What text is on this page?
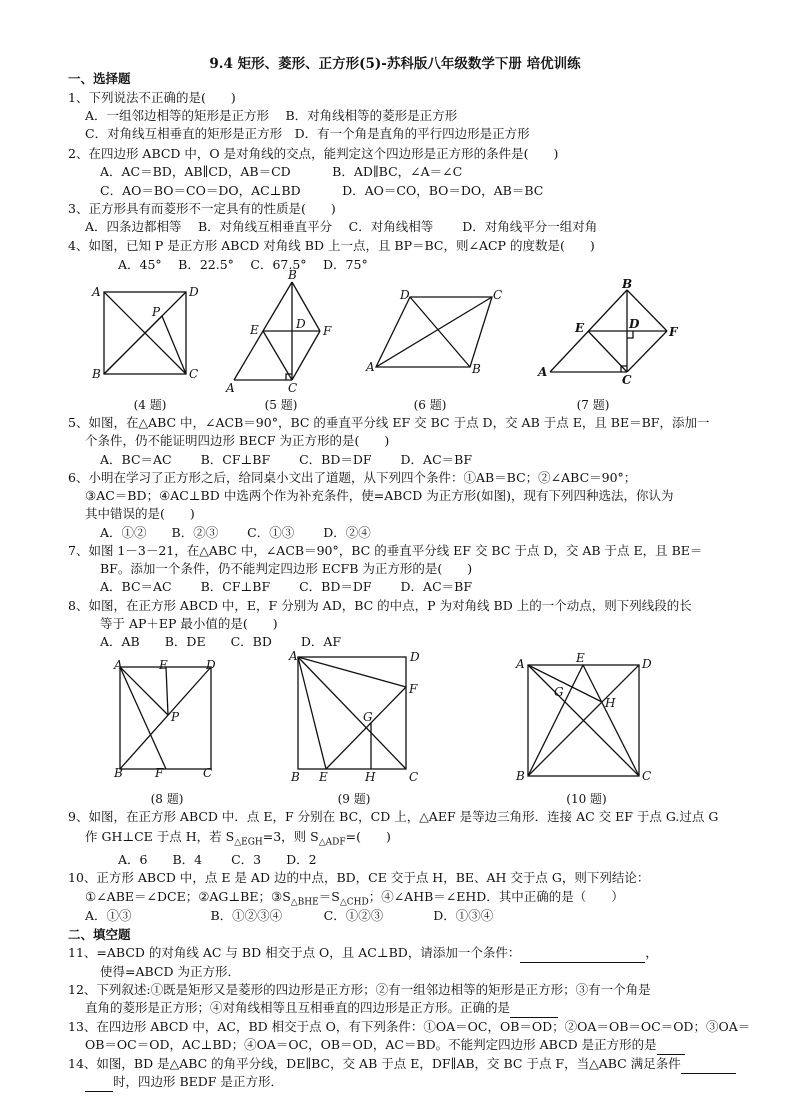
9.4 矩形、菱形、正方形(5)-苏科版八年级数学下册 培优训练
一、选择题
1、下列说法不正确的是(　　)
A．一组邻边相等的矩形是正方形　 B．对角线相等的菱形是正方形
C．对角线互相垂直的矩形是正方形　D．有一个角是直角的平行四边形是正方形
2、在四边形 ABCD 中，O 是对角线的交点，能判定这个四边形是正方形的条件是(　　)
A．AC＝BD，AB∥CD，AB＝CD　　　 B．AD∥BC，∠A＝∠C
C．AO＝BO＝CO＝DO，AC⊥BD　　　 D．AO＝CO，BO＝DO，AB＝BC
3、正方形具有而菱形不一定具有的性质是(　　)
A．四条边都相等　 B．对角线互相垂直平分　 C．对角线相等　　 D．对角线平分一组对角
4、如图，已知 P 是正方形 ABCD 对角线 BD 上一点，且 BP＝BC，则∠ACP 的度数是(　　)
A．45°　 B．22.5°　 C．67.5°　 D．75°
A	D
P
B	C
(4 题)
B
E	D F
A	C
(5 题)
D	C
A	B
(6 题)
B
E	D
F
A
C
(7 题)
5、如图，在△ABC 中，∠ACB＝90°，BC 的垂直平分线 EF 交 BC 于点 D，交 AB 于点 E，且 BE＝BF，添加一
个条件，仍不能证明四边形 BECF 为正方形的是(　　)
A．BC＝AC　　 B．CF⊥BF　　 C．BD＝DF　　 D．AC＝BF
6、小明在学习了正方形之后，给同桌小文出了道题，从下列四个条件：①AB＝BC；②∠ABC＝90°；
③AC＝BD；④AC⊥BD 中选两个作为补充条件，使=ABCD 为正方形(如图)，现有下列四种选法，你认为
其中错误的是(　　)
A．①②　　B．②③　　 C．①③　　 D．②④
7、如图 1－3－21，在△ABC 中，∠ACB＝90°，BC 的垂直平分线 EF 交 BC 于点 D，交 AB 于点 E，且 BE＝
BF。添加一个条件，仍不能判定四边形 ECFB 为正方形的是(　　)
A．BC＝AC　　 B．CF⊥BF　　 C．BD＝DF　　 D．AC＝BF
8、如图，在正方形 ABCD 中，E，F 分别为 AD，BC 的中点，P 为对角线 BD 上的一个动点，则下列线段的长
等于 AP＋EP 最小值的是(　　)
A．AB　　B．DE　　C．BD　　 D．AF
A	E	D
P
B	F	C
(8 题)
A	D
F
G
B E	H	C
(9 题)
A	E	D
G
H
B	C
(10 题)
9、如图，在正方形 ABCD 中．点 E，F 分别在 BC，CD 上，△AEF 是等边三角形．连接 AC 交 EF 于点 G.过点 G
作 GH⊥CE 于点 H，若 $S_{\triangle EGH}=3$，则 $S_{\triangle ADF}=$(　　)
A．6　　B．4　　 C．3　　D．2
10、正方形 ABCD 中，点 E 是 AD 边的中点，BD，CE 交于点 H，BE、AH 交于点 G，则下列结论：
①∠ABE＝∠DCE；②AG⊥BE；$③S_{\triangle BHE}=S_{\triangle CHD}$；④∠AHB＝∠EHD．其中正确的是（　　）
A．①③　　　　　　 B．①②③④　　　 C．①②③　　　　D．①③④
二、填空题
11、=ABCD 的对角线 AC 与 BD 相交于点 O，且 AC⊥BD，请添加一个条件：	，
使得=ABCD 为正方形．
12、下列叙述:①既是矩形又是菱形的四边形是正方形；②有一组邻边相等的矩形是正方形；③有一个角是
直角的菱形是正方形；④对角线相等且互相垂直的四边形是正方形。正确的是
13、在四边形 ABCD 中，AC，BD 相交于点 O，有下列条件：①OA＝OC，OB＝OD；②OA＝OB＝OC＝OD；③OA＝
OB＝OC＝OD，AC⊥BD；④OA＝OC，OB＝OD，AC＝BD。不能判定四边形 ABCD 是正方形的是
14、如图，BD 是△ABC 的角平分线，DE∥BC，交 AB 于点 E，DF∥AB，交 BC 于点 F，当△ABC 满足条件
时，四边形 BEDF 是正方形．
